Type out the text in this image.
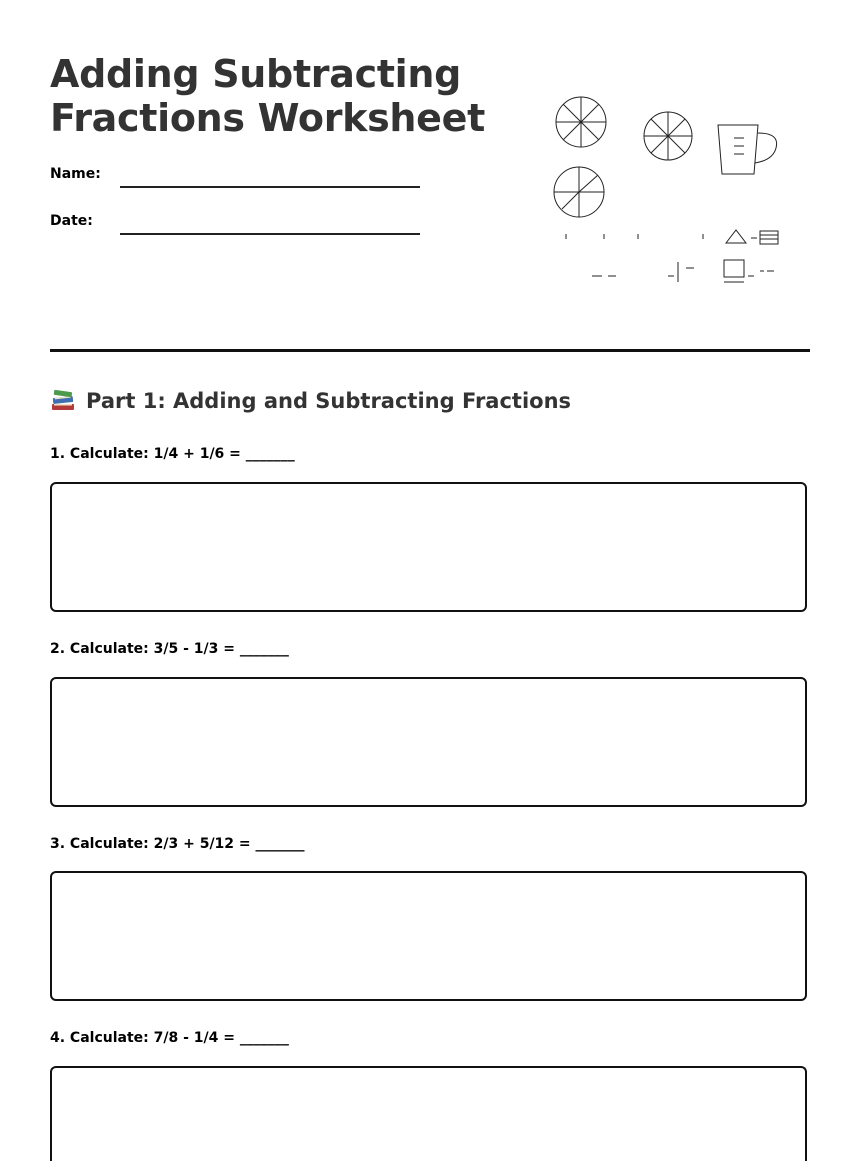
Adding Subtracting
Fractions Worksheet
Name:
Date:
Part 1: Adding and Subtracting Fractions
1. Calculate: 1/4 + 1/6 = _______
2. Calculate: 3/5 - 1/3 = _______
3. Calculate: 2/3 + 5/12 = _______
4. Calculate: 7/8 - 1/4 = _______
